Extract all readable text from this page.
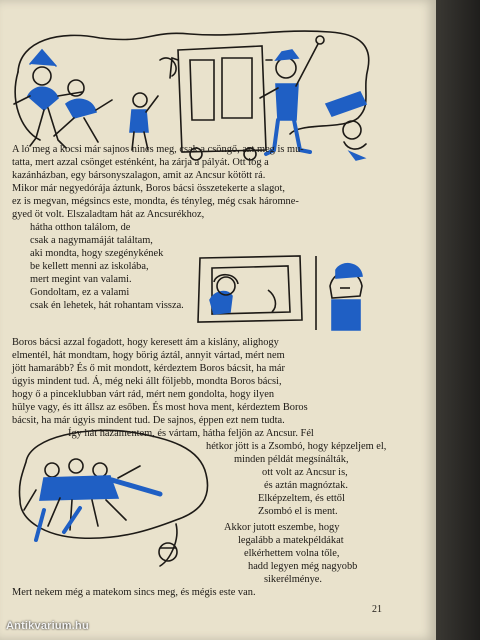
A ló meg a kocsi már sajnos nincs meg, csak a csöngő, azt meg is mu-

tatta, mert azzal csönget esténként, ha zárja a pályát. Ott lóg a

kazánházban, egy bársonyszalagon, amit az Ancsur kötött rá.

Mikor már negyedórája áztunk, Boros bácsi összetekerte a slagot,

ez is megvan, mégsincs este, mondta, és tényleg, még csak háromne-

gyed öt volt. Elszaladtam hát az Ancsurékhoz,

hátha otthon találom, de

csak a nagymamáját találtam,

aki mondta, hogy szegénykének

be kellett menni az iskolába,

mert megint van valami.

Gondoltam, ez a valami

csak én lehetek, hát rohantam vissza.

Boros bácsi azzal fogadott, hogy keresett ám a kislány, alighogy

elmentél, hát mondtam, hogy börig áztál, annyit vártad, mért nem

jött hamarább? És ő mit mondott, kérdeztem Boros bácsit, ha már

úgyis mindent tud. Á, még neki állt följebb, mondta Boros bácsi,

hogy ő a pinceklubban várt rád, mért nem gondolta, hogy ilyen

hülye vagy, és itt állsz az esőben. És most hova ment, kérdeztem Boros

bácsit, ha már úgyis mindent tud. De sajnos, éppen ezt nem tudta.

Így hát hazamentem, és vártam, hátha feljön az Ancsur. Fél

hétkor jött is a Zsombó, hogy képzeljem el,

minden példát megsínálták,

ott volt az Ancsur is,

és aztán magnóztak.

Elképzeltem, és ettől

Zsombó el is ment.

Akkor jutott eszembe, hogy

legalább a matekpéldákat

elkérhettem volna tőle,

hadd legyen még nagyobb

sikerélménye.

Mert nekem még a matekom sincs meg, és mégis este van.

21
Antikvarium.hu
